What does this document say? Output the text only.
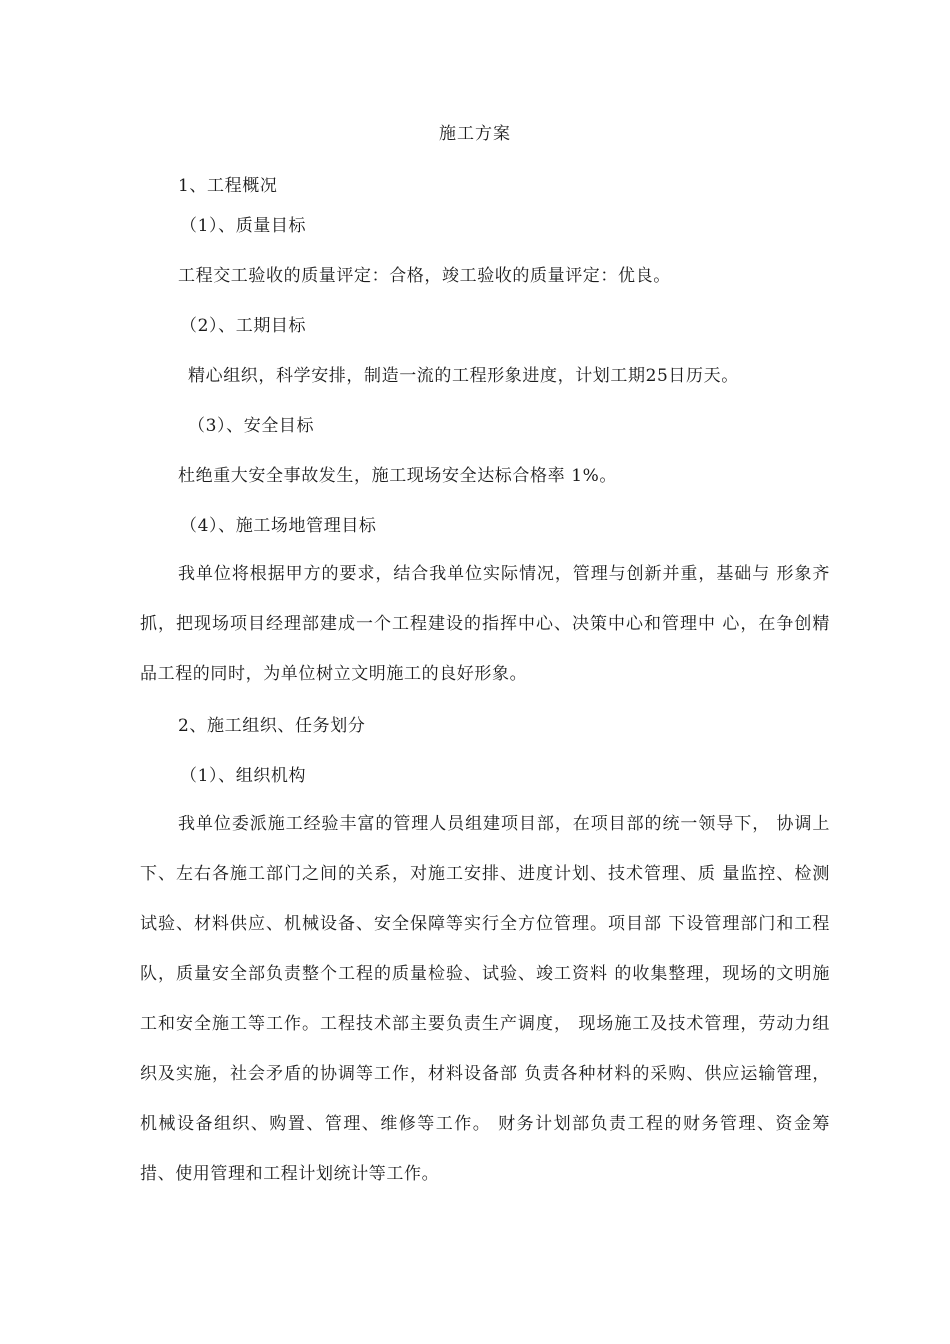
施工方案
1、工程概况
（1）、质量目标
工程交工验收的质量评定：合格，竣工验收的质量评定：优良。
（2）、工期目标
精心组织，科学安排，制造一流的工程形象进度，计划工期25日历天。
（3）、安全目标
杜绝重大安全事故发生，施工现场安全达标合格率 1%。
（4）、施工场地管理目标
我单位将根据甲方的要求，结合我单位实际情况，管理与创新并重，基础与 形象齐抓，把现场项目经理部建成一个工程建设的指挥中心、决策中心和管理中 心，在争创精品工程的同时，为单位树立文明施工的良好形象。
2、施工组织、任务划分
（1）、组织机构
我单位委派施工经验丰富的管理人员组建项目部，在项目部的统一领导下， 协调上下、左右各施工部门之间的关系，对施工安排、进度计划、技术管理、质 量监控、检测试验、材料供应、机械设备、安全保障等实行全方位管理。项目部 下设管理部门和工程队，质量安全部负责整个工程的质量检验、试验、竣工资料 的收集整理，现场的文明施工和安全施工等工作。工程技术部主要负责生产调度， 现场施工及技术管理，劳动力组织及实施，社会矛盾的协调等工作，材料设备部 负责各种材料的采购、供应运输管理，机械设备组织、购置、管理、维修等工作。 财务计划部负责工程的财务管理、资金筹措、使用管理和工程计划统计等工作。
